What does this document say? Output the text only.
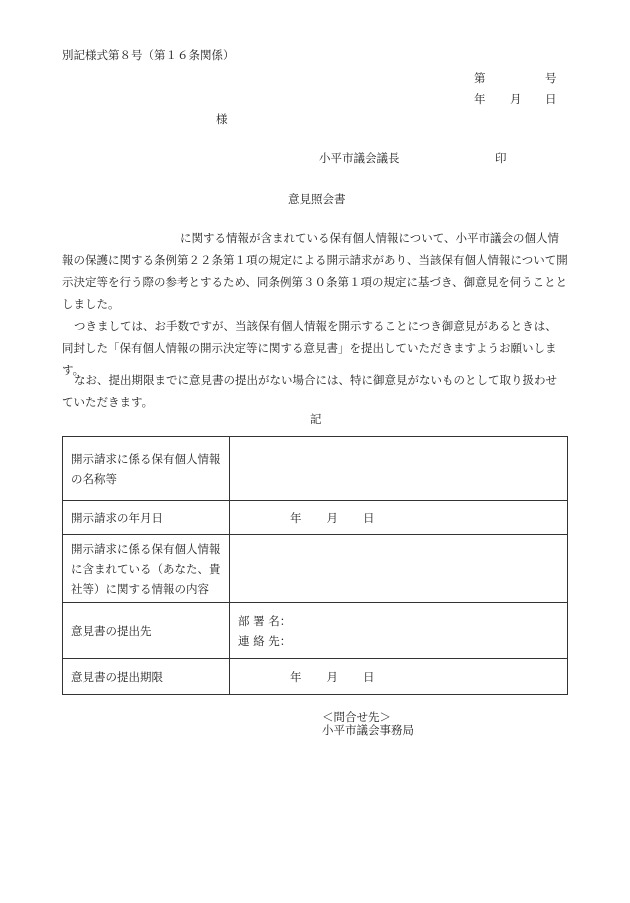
別記様式第８号（第１６条関係）
第	号
年 月 日
様
小平市議会議長	印
意見照会書
に関する情報が含まれている保有個人情報について、小平市議会の個人情報の保護に関する条例第２２条第１項の規定による開示請求があり、当該保有個人情報について開示決定等を行う際の参考とするため、同条例第３０条第１項の規定に基づき、御意見を伺うこととしました。
つきましては、お手数ですが、当該保有個人情報を開示することにつき御意見があるときは、同封した「保有個人情報の開示決定等に関する意見書」を提出していただきますようお願いします。
なお、提出期限までに意見書の提出がない場合には、特に御意見がないものとして取り扱わせていただきます。
記
開示請求に係る保有個人情報の名称等	
開示請求の年月日	年 月 日
開示請求に係る保有個人情報に含まれている（あなた、貴社等）に関する情報の内容	
意見書の提出先	部 署 名：
連 絡 先：

意見書の提出期限	年 月 日
＜問合せ先＞
小平市議会事務局
